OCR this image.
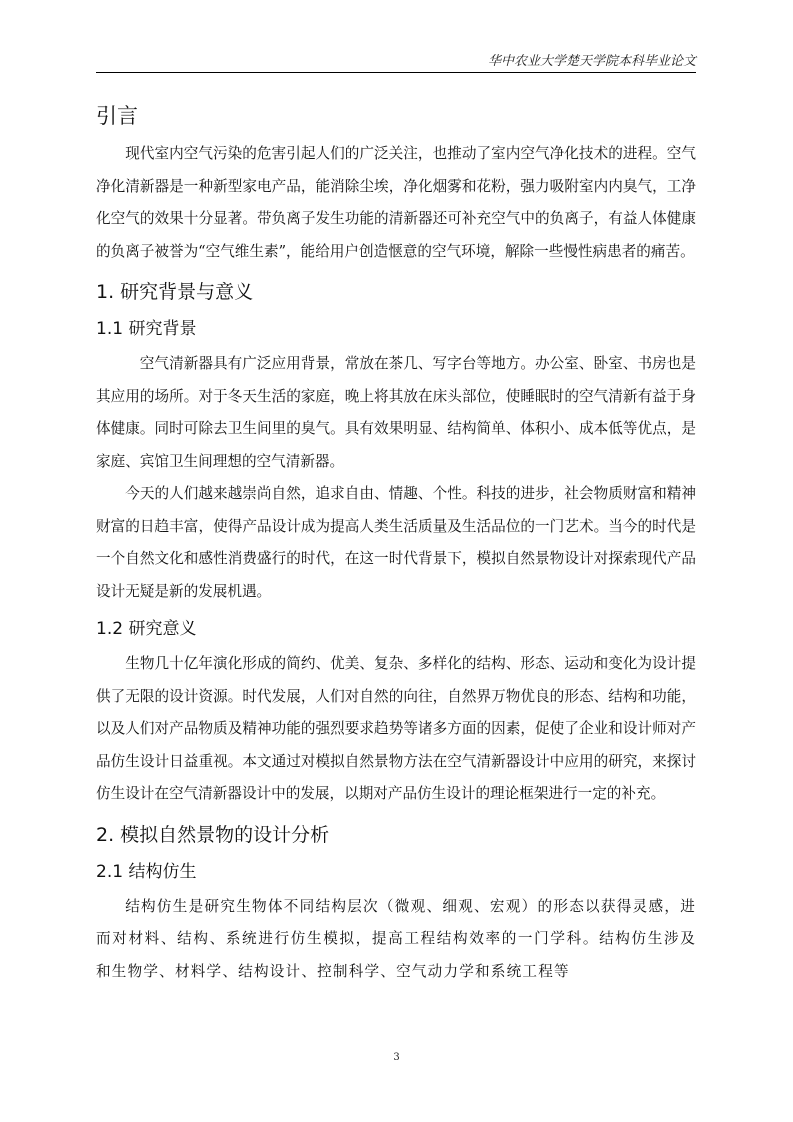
华中农业大学楚天学院本科毕业论文
引言

现代室内空气污染的危害引起人们的广泛关注，也推动了室内空气净化技术的进程。空气净化清新器是一种新型家电产品，能消除尘埃，净化烟雾和花粉，强力吸附室内内臭气，工净化空气的效果十分显著。带负离子发生功能的清新器还可补充空气中的负离子，有益人体健康的负离子被誉为“空气维生素”，能给用户创造惬意的空气环境，解除一些慢性病患者的痛苦。

1. 研究背景与意义
1.1 研究背景

空气清新器具有广泛应用背景，常放在茶几、写字台等地方。办公室、卧室、书房也是其应用的场所。对于冬天生活的家庭，晚上将其放在床头部位，使睡眠时的空气清新有益于身体健康。同时可除去卫生间里的臭气。具有效果明显、结构简单、体积小、成本低等优点，是家庭、宾馆卫生间理想的空气清新器。

今天的人们越来越崇尚自然，追求自由、情趣、个性。科技的进步，社会物质财富和精神财富的日趋丰富，使得产品设计成为提高人类生活质量及生活品位的一门艺术。当今的时代是一个自然文化和感性消费盛行的时代，在这一时代背景下，模拟自然景物设计对探索现代产品设计无疑是新的发展机遇。

1.2 研究意义

生物几十亿年演化形成的简约、优美、复杂、多样化的结构、形态、运动和变化为设计提供了无限的设计资源。时代发展，人们对自然的向往，自然界万物优良的形态、结构和功能，以及人们对产品物质及精神功能的强烈要求趋势等诸多方面的因素，促使了企业和设计师对产品仿生设计日益重视。本文通过对模拟自然景物方法在空气清新器设计中应用的研究，来探讨仿生设计在空气清新器设计中的发展，以期对产品仿生设计的理论框架进行一定的补充。

2. 模拟自然景物的设计分析
2.1 结构仿生

结构仿生是研究生物体不同结构层次（微观、细观、宏观）的形态以获得灵感，进而对材料、结构、系统进行仿生模拟，提高工程结构效率的一门学科。结构仿生涉及和生物学、材料学、结构设计、控制科学、空气动力学和系统工程等

3
